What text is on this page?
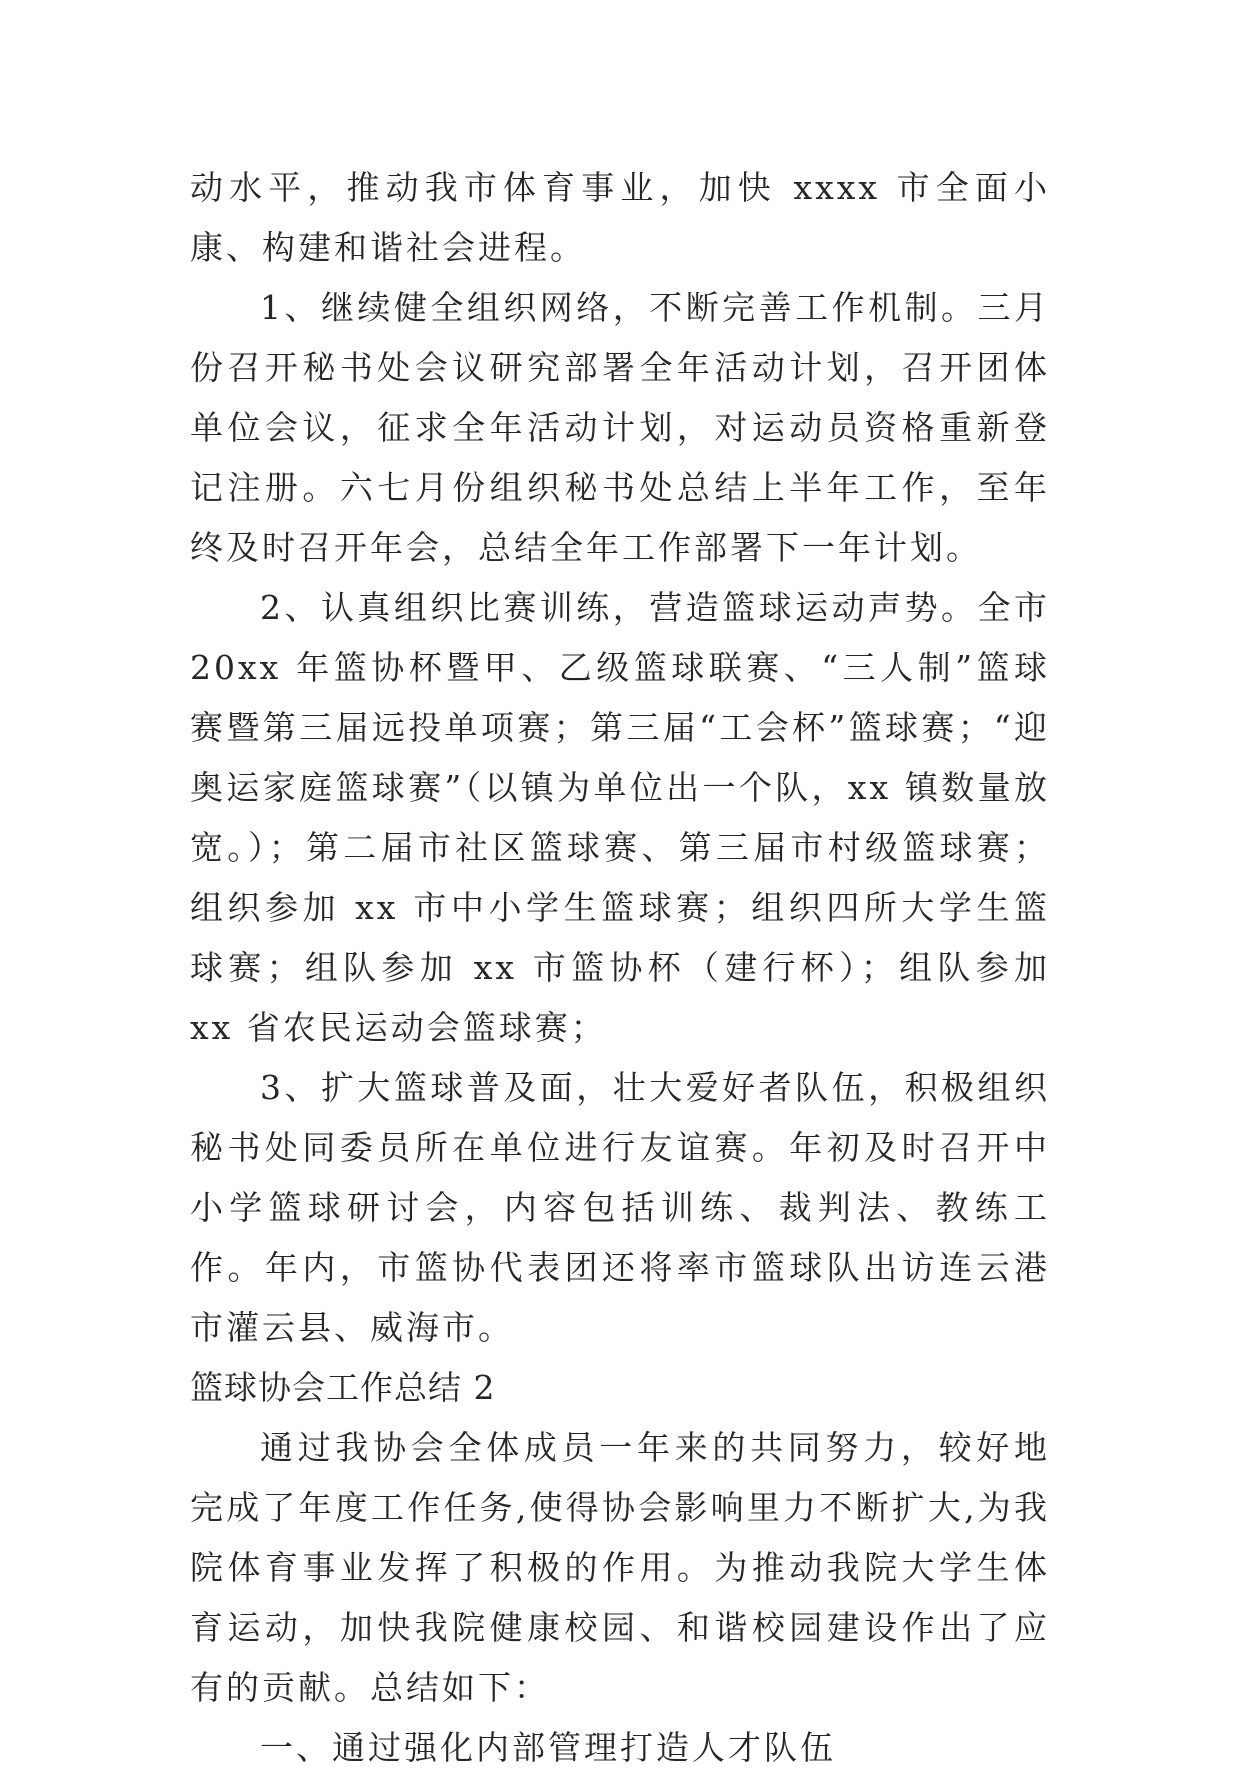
动水平，推动我市体育事业，加快 xxxx 市全面小康、构建和谐社会进程。

1、继续健全组织网络，不断完善工作机制。三月份召开秘书处会议研究部署全年活动计划，召开团体单位会议，征求全年活动计划，对运动员资格重新登记注册。六七月份组织秘书处总结上半年工作，至年终及时召开年会，总结全年工作部署下一年计划。

2、认真组织比赛训练，营造篮球运动声势。全市 20xx 年篮协杯暨甲、乙级篮球联赛、“三人制”篮球赛暨第三届远投单项赛；第三届“工会杯”篮球赛；“迎奥运家庭篮球赛”（以镇为单位出一个队，xx 镇数量放宽。）；第二届市社区篮球赛、第三届市村级篮球赛；组织参加 xx 市中小学生篮球赛；组织四所大学生篮球赛；组队参加 xx 市篮协杯（建行杯）；组队参加 xx 省农民运动会篮球赛；

3、扩大篮球普及面，壮大爱好者队伍，积极组织秘书处同委员所在单位进行友谊赛。年初及时召开中小学篮球研讨会，内容包括训练、裁判法、教练工作。年内，市篮协代表团还将率市篮球队出访连云港市灌云县、威海市。

篮球协会工作总结 2

通过我协会全体成员一年来的共同努力，较好地完成了年度工作任务,使得协会影响里力不断扩大,为我院体育事业发挥了积极的作用。为推动我院大学生体育运动，加快我院健康校园、和谐校园建设作出了应有的贡献。总结如下：

一、通过强化内部管理打造人才队伍
